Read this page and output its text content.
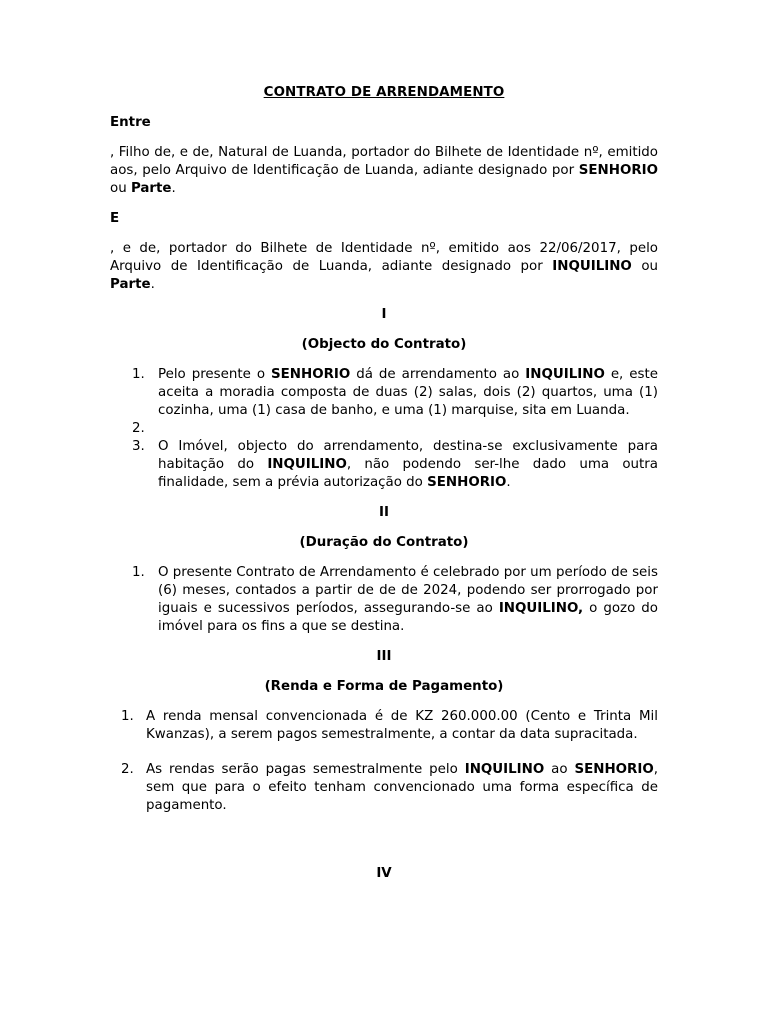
CONTRATO DE ARRENDAMENTO

Entre

, Filho de, e de, Natural de Luanda, portador do Bilhete de Identidade nº, emitido aos, pelo Arquivo de Identificação de Luanda, adiante designado por SENHORIO ou Parte.

E

, e de, portador do Bilhete de Identidade nº, emitido aos 22/06/2017, pelo Arquivo de Identificação de Luanda, adiante designado por INQUILINO ou Parte.

I

(Objecto do Contrato)

1. Pelo presente o SENHORIO dá de arrendamento ao INQUILINO e, este aceita a moradia composta de duas (2) salas, dois (2) quartos, uma (1) cozinha, uma (1) casa de banho, e uma (1) marquise, sita em Luanda.
2.

3. O Imóvel, objecto do arrendamento, destina-se exclusivamente para habitação do INQUILINO, não podendo ser-lhe dado uma outra finalidade, sem a prévia autorização do SENHORIO.

II

(Duração do Contrato)

1. O presente Contrato de Arrendamento é celebrado por um período de seis (6) meses, contados a partir de de de 2024, podendo ser prorrogado por iguais e sucessivos períodos, assegurando-se ao INQUILINO, o gozo do imóvel para os fins a que se destina.

III

(Renda e Forma de Pagamento)

1. A renda mensal convencionada é de KZ 260.000.00 (Cento e Trinta Mil Kwanzas), a serem pagos semestralmente, a contar da data supracitada.
2. As rendas serão pagas semestralmente pelo INQUILINO ao SENHORIO, sem que para o efeito tenham convencionado uma forma específica de pagamento.

IV
